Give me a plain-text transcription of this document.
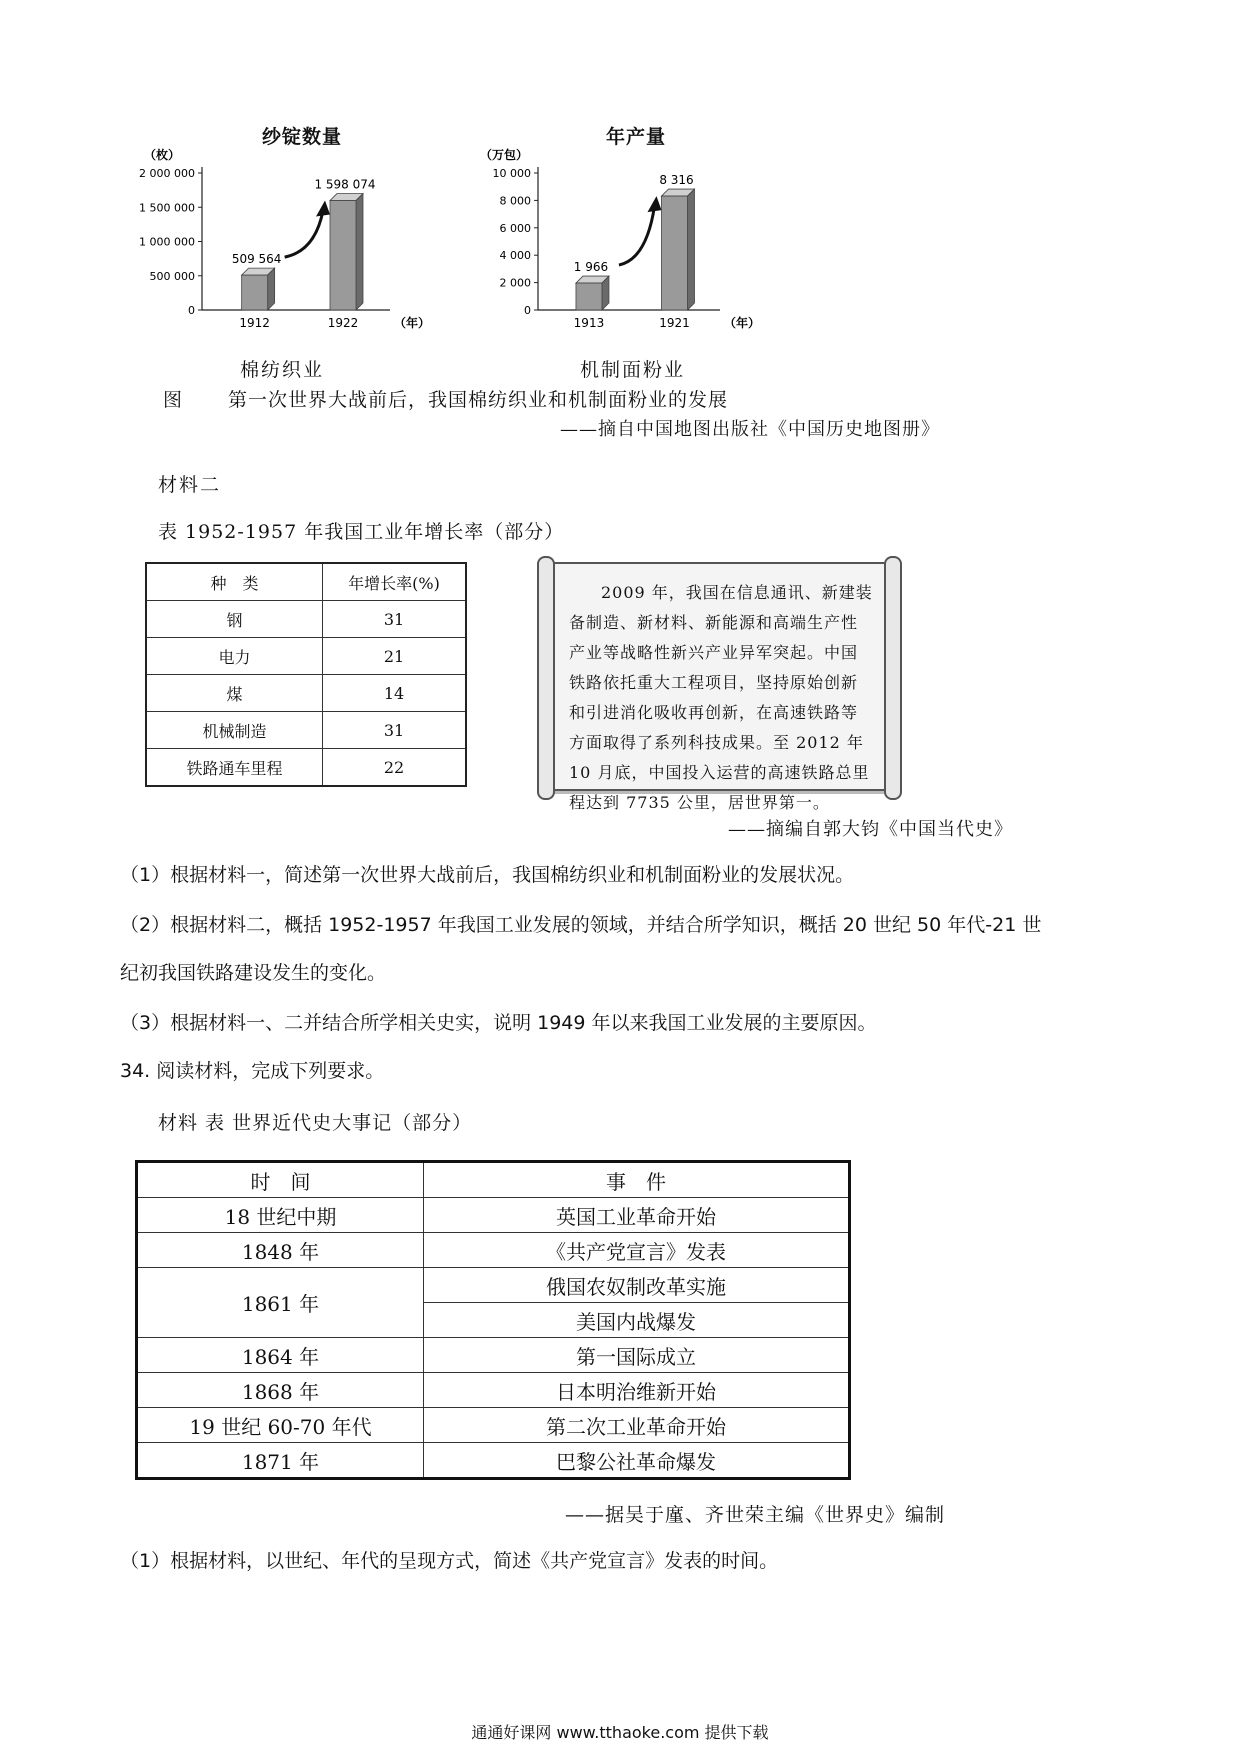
纱锭数量
（枚）
0
500 000
1 000 000
1 500 000
2 000 000
509 564
1912
1 598 074
1922	（年）
棉纺织业
年产量
（万包）
0
2 000
4 000
6 000
8 000
10 000
1 966
1913
8 316
1921	（年）
机制面粉业
图 第一次世界大战前后，我国棉纺织业和机制面粉业的发展
——摘自中国地图出版社《中国历史地图册》
材料二
表 1952-1957 年我国工业年增长率（部分）
种　类	年增长率(%)
钢	31
电力	21
煤	14
机械制造	31
铁路通车里程	22
2009 年，我国在信息通讯、新建装备制造、新材料、新能源和高端生产性产业等战略性新兴产业异军突起。中国铁路依托重大工程项目，坚持原始创新和引进消化吸收再创新，在高速铁路等方面取得了系列科技成果。至 2012 年 10 月底，中国投入运营的高速铁路总里程达到 7735 公里，居世界第一。
——摘编自郭大钧《中国当代史》
（1）根据材料一，简述第一次世界大战前后，我国棉纺织业和机制面粉业的发展状况。
（2）根据材料二，概括 1952-1957 年我国工业发展的领域，并结合所学知识，概括 20 世纪 50 年代-21 世
纪初我国铁路建设发生的变化。
（3）根据材料一、二并结合所学相关史实，说明 1949 年以来我国工业发展的主要原因。
34. 阅读材料，完成下列要求。
材料 表 世界近代史大事记（部分）
时　间	事　件
18 世纪中期	英国工业革命开始
1848 年	《共产党宣言》发表
1861 年	俄国农奴制改革实施
	美国内战爆发
1864 年	第一国际成立
1868 年	日本明治维新开始
19 世纪 60-70 年代	第二次工业革命开始
1871 年	巴黎公社革命爆发
——据吴于廑、齐世荣主编《世界史》编制
（1）根据材料，以世纪、年代的呈现方式，简述《共产党宣言》发表的时间。
通通好课网 www.tthaoke.com 提供下载
